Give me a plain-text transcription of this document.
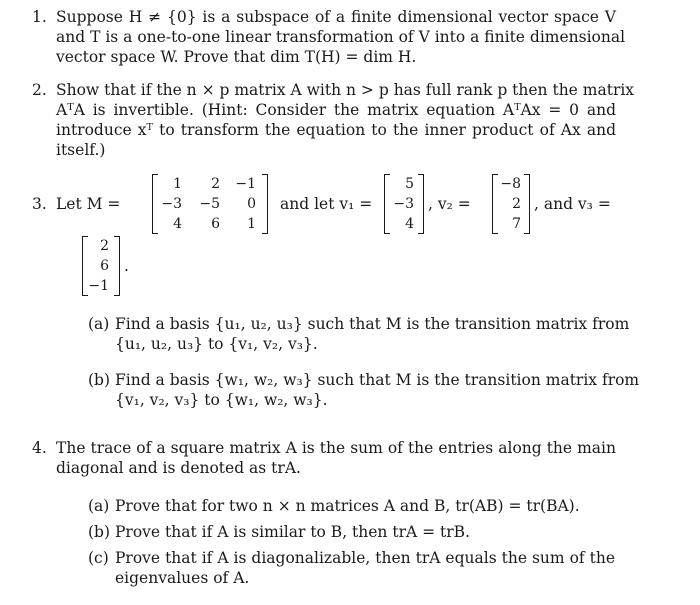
1. Suppose H ≠ {0} is a subspace of a finite dimensional vector space V
and T is a one-to-one linear transformation of V into a finite dimensional
vector space W. Prove that dim T(H) = dim H.
2. Show that if the n × p matrix A with n > p has full rank p then the matrix
AᵀA is invertible. (Hint: Consider the matrix equation AᵀAx = 0 and
introduce xᵀ to transform the equation to the inner product of Ax and
itself.)
3. Let M =
1	2 −1
−3	−5	0
4	6	1
and let v₁ =
5
−3
4
, v₂ =
−8
2
7
, and v₃ =
2
6
−1
.
(a) Find a basis {u₁, u₂, u₃} such that M is the transition matrix from
{u₁, u₂, u₃} to {v₁, v₂, v₃}.
(b) Find a basis {w₁, w₂, w₃} such that M is the transition matrix from
{v₁, v₂, v₃} to {w₁, w₂, w₃}.
4. The trace of a square matrix A is the sum of the entries along the main
diagonal and is denoted as trA.
(a) Prove that for two n × n matrices A and B, tr(AB) = tr(BA).
(b) Prove that if A is similar to B, then trA = trB.
(c) Prove that if A is diagonalizable, then trA equals the sum of the
eigenvalues of A.
